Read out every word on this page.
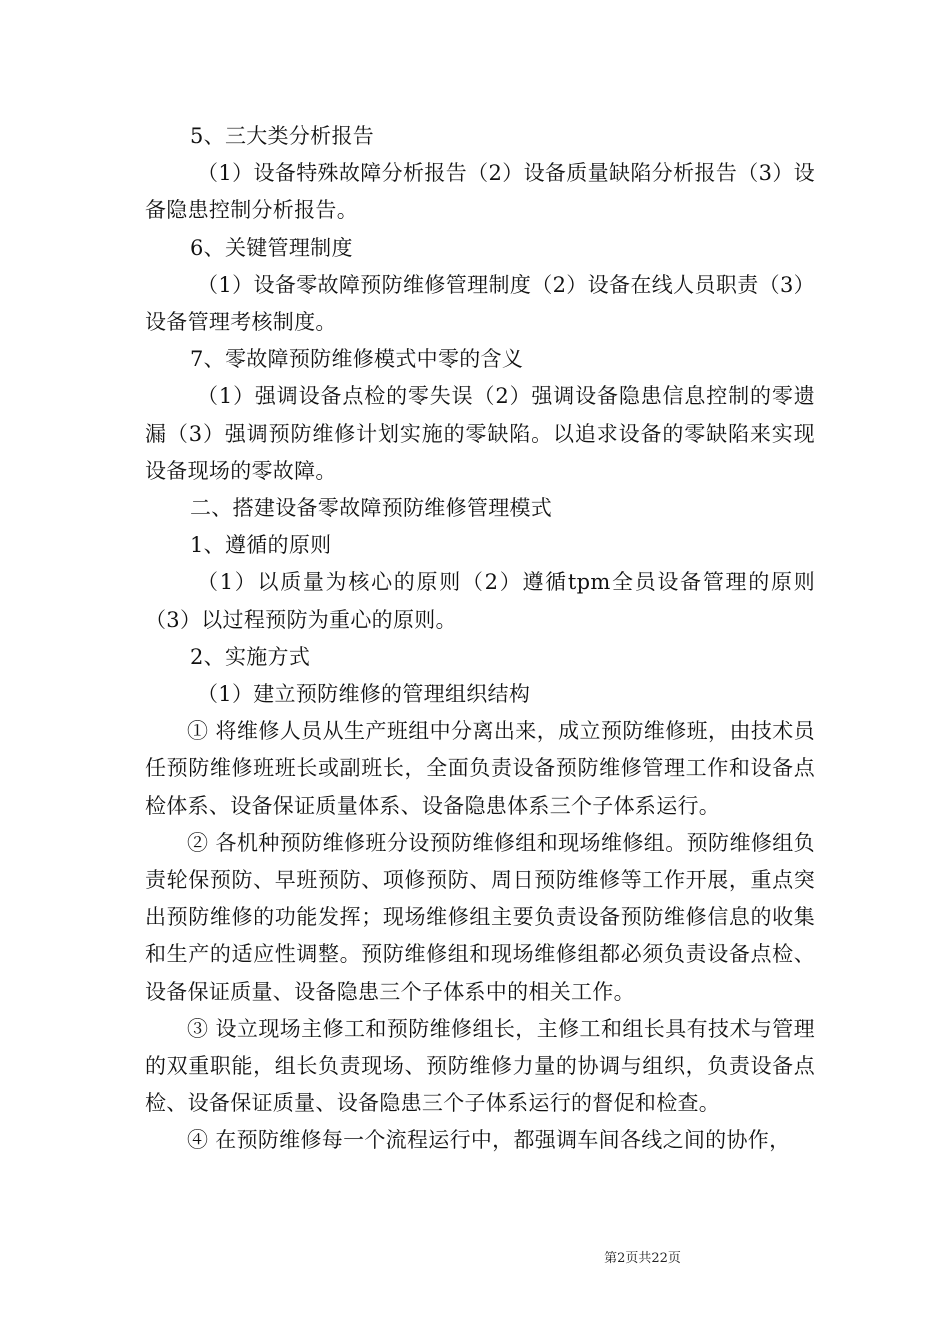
5、三大类分析报告

（1）设备特殊故障分析报告（2）设备质量缺陷分析报告（3）设备隐患控制分析报告。

6、关键管理制度

（1）设备零故障预防维修管理制度（2）设备在线人员职责（3）设备管理考核制度。

7、零故障预防维修模式中零的含义

（1）强调设备点检的零失误（2）强调设备隐患信息控制的零遗漏（3）强调预防维修计划实施的零缺陷。以追求设备的零缺陷来实现设备现场的零故障。

二、搭建设备零故障预防维修管理模式

1、遵循的原则

（1）以质量为核心的原则（2）遵循tpm全员设备管理的原则（3）以过程预防为重心的原则。

2、实施方式

（1）建立预防维修的管理组织结构

① 将维修人员从生产班组中分离出来，成立预防维修班，由技术员任预防维修班班长或副班长，全面负责设备预防维修管理工作和设备点检体系、设备保证质量体系、设备隐患体系三个子体系运行。

② 各机种预防维修班分设预防维修组和现场维修组。预防维修组负责轮保预防、早班预防、项修预防、周日预防维修等工作开展，重点突出预防维修的功能发挥；现场维修组主要负责设备预防维修信息的收集和生产的适应性调整。预防维修组和现场维修组都必须负责设备点检、设备保证质量、设备隐患三个子体系中的相关工作。

③ 设立现场主修工和预防维修组长，主修工和组长具有技术与管理的双重职能，组长负责现场、预防维修力量的协调与组织，负责设备点检、设备保证质量、设备隐患三个子体系运行的督促和检查。

④ 在预防维修每一个流程运行中，都强调车间各线之间的协作，

第2页共22页
